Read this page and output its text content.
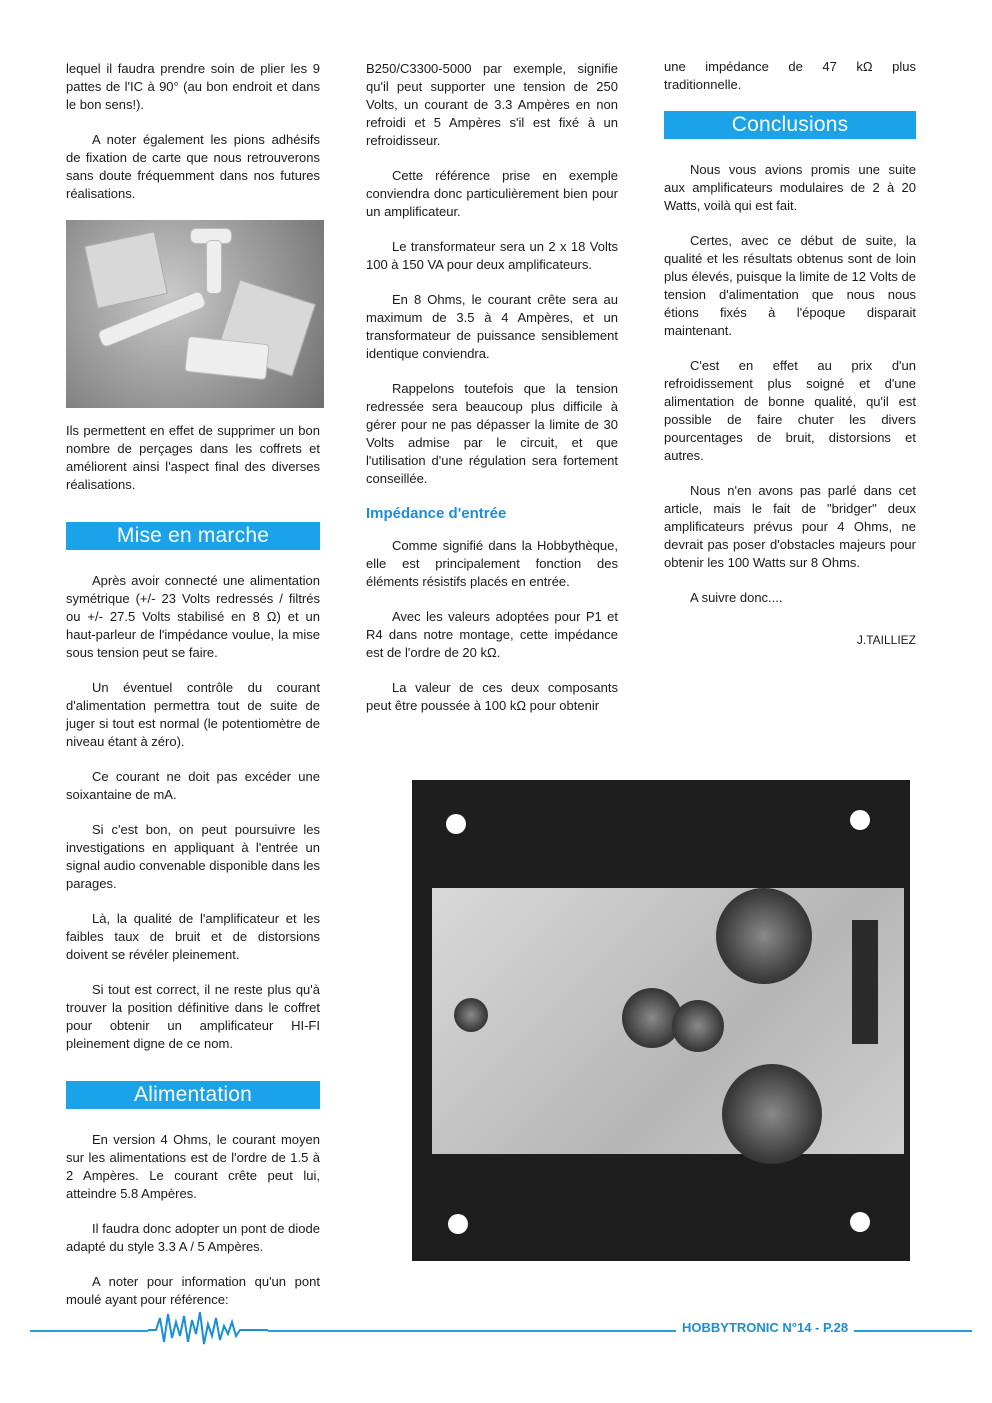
lequel il faudra prendre soin de plier les 9 pattes de l'IC à 90° (au bon endroit et dans le bon sens!).

A noter également les pions adhésifs de fixation de carte que nous retrouverons sans doute fréquemment dans nos futures réalisations.

Ils permettent en effet de supprimer un bon nombre de perçages dans les coffrets et améliorent ainsi l'aspect final des diverses réalisations.

Mise en marche

Après avoir connecté une alimentation symétrique (+/- 23 Volts redressés / filtrés ou +/- 27.5 Volts stabilisé en 8 Ω) et un haut-parleur de l'impédance voulue, la mise sous tension peut se faire.

Un éventuel contrôle du courant d'alimentation permettra tout de suite de juger si tout est normal (le potentiomètre de niveau étant à zéro).

Ce courant ne doit pas excéder une soixantaine de mA.

Si c'est bon, on peut poursuivre les investigations en appliquant à l'entrée un signal audio convenable disponible dans les parages.

Là, la qualité de l'amplificateur et les faibles taux de bruit et de distorsions doivent se révéler pleinement.

Si tout est correct, il ne reste plus qu'à trouver la position définitive dans le coffret pour obtenir un amplificateur HI-FI pleinement digne de ce nom.

Alimentation

En version 4 Ohms, le courant moyen sur les alimentations est de l'ordre de 1.5 à 2 Ampères. Le courant crête peut lui, atteindre 5.8 Ampères.

Il faudra donc adopter un pont de diode adapté du style 3.3 A / 5 Ampères.

A noter pour information qu'un pont moulé ayant pour référence:

B250/C3300-5000 par exemple, signifie qu'il peut supporter une tension de 250 Volts, un courant de 3.3 Ampères en non refroidi et 5 Ampères s'il est fixé à un refroidisseur.

Cette référence prise en exemple conviendra donc particulièrement bien pour un amplificateur.

Le transformateur sera un 2 x 18 Volts 100 à 150 VA pour deux amplificateurs.

En 8 Ohms, le courant crête sera au maximum de 3.5 à 4 Ampères, et un transformateur de puissance sensiblement identique conviendra.

Rappelons toutefois que la tension redressée sera beaucoup plus difficile à gérer pour ne pas dépasser la limite de 30 Volts admise par le circuit, et que l'utilisation d'une régulation sera fortement conseillée.

Impédance d'entrée

Comme signifié dans la Hobbythèque, elle est principalement fonction des éléments résistifs placés en entrée.

Avec les valeurs adoptées pour P1 et R4 dans notre montage, cette impédance est de l'ordre de 20 kΩ.

La valeur de ces deux composants peut être poussée à 100 kΩ pour obtenir

une impédance de 47 kΩ plus traditionnelle.

Conclusions

Nous vous avions promis une suite aux amplificateurs modulaires de 2 à 20 Watts, voilà qui est fait.

Certes, avec ce début de suite, la qualité et les résultats obtenus sont de loin plus élevés, puisque la limite de 12 Volts de tension d'alimentation que nous nous étions fixés à l'époque disparait maintenant.

C'est en effet au prix d'un refroidissement plus soigné et d'une alimentation de bonne qualité, qu'il est possible de faire chuter les divers pourcentages de bruit, distorsions et autres.

Nous n'en avons pas parlé dans cet article, mais le fait de "bridger" deux amplificateurs prévus pour 4 Ohms, ne devrait pas poser d'obstacles majeurs pour obtenir les 100 Watts sur 8 Ohms.

A suivre donc....

J.TAILLIEZ
HOBBYTRONIC N°14 - P.28
